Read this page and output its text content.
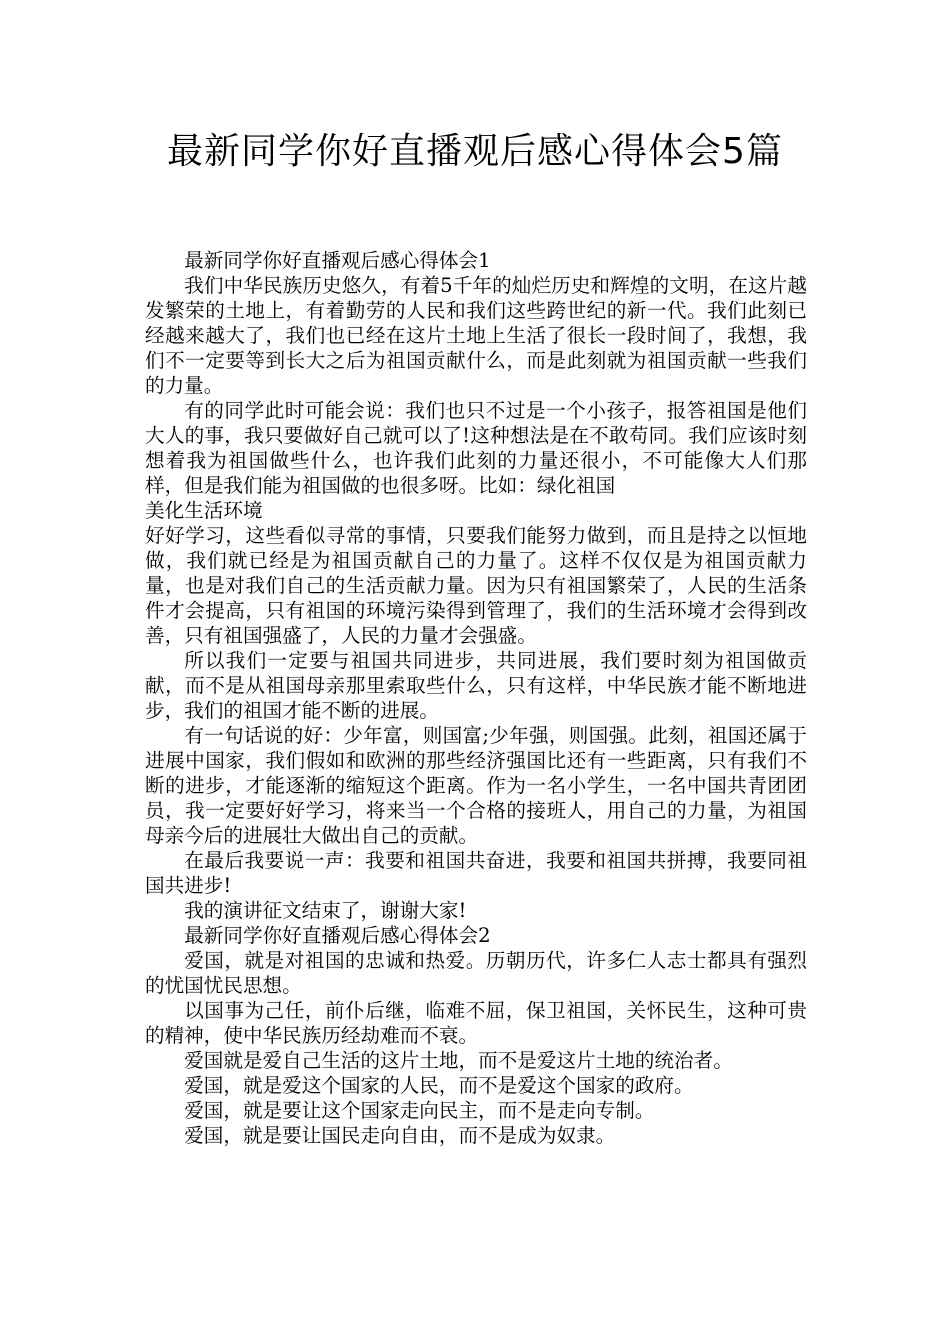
最新同学你好直播观后感心得体会5篇

最新同学你好直播观后感心得体会1

我们中华民族历史悠久，有着5千年的灿烂历史和辉煌的文明，在这片越发繁荣的土地上，有着勤劳的人民和我们这些跨世纪的新一代。我们此刻已经越来越大了，我们也已经在这片土地上生活了很长一段时间了，我想，我们不一定要等到长大之后为祖国贡献什么，而是此刻就为祖国贡献一些我们的力量。

有的同学此时可能会说：我们也只不过是一个小孩子，报答祖国是他们大人的事，我只要做好自己就可以了!这种想法是在不敢苟同。我们应该时刻想着我为祖国做些什么，也许我们此刻的力量还很小，不可能像大人们那样，但是我们能为祖国做的也很多呀。比如：绿化祖国

美化生活环境

好好学习，这些看似寻常的事情，只要我们能努力做到，而且是持之以恒地做，我们就已经是为祖国贡献自己的力量了。这样不仅仅是为祖国贡献力量，也是对我们自己的生活贡献力量。因为只有祖国繁荣了，人民的生活条件才会提高，只有祖国的环境污染得到管理了，我们的生活环境才会得到改善，只有祖国强盛了，人民的力量才会强盛。

所以我们一定要与祖国共同进步，共同进展，我们要时刻为祖国做贡献，而不是从祖国母亲那里索取些什么，只有这样，中华民族才能不断地进步，我们的祖国才能不断的进展。

有一句话说的好：少年富，则国富;少年强，则国强。此刻，祖国还属于进展中国家，我们假如和欧洲的那些经济强国比还有一些距离，只有我们不断的进步，才能逐渐的缩短这个距离。作为一名小学生，一名中国共青团团员，我一定要好好学习，将来当一个合格的接班人，用自己的力量，为祖国母亲今后的进展壮大做出自己的贡献。

在最后我要说一声：我要和祖国共奋进，我要和祖国共拼搏，我要同祖国共进步!

我的演讲征文结束了，谢谢大家!

最新同学你好直播观后感心得体会2

爱国，就是对祖国的忠诚和热爱。历朝历代，许多仁人志士都具有强烈的忧国忧民思想。

以国事为己任，前仆后继，临难不屈，保卫祖国，关怀民生，这种可贵的精神，使中华民族历经劫难而不衰。

爱国就是爱自己生活的这片土地，而不是爱这片土地的统治者。

爱国，就是爱这个国家的人民，而不是爱这个国家的政府。

爱国，就是要让这个国家走向民主，而不是走向专制。

爱国，就是要让国民走向自由，而不是成为奴隶。
